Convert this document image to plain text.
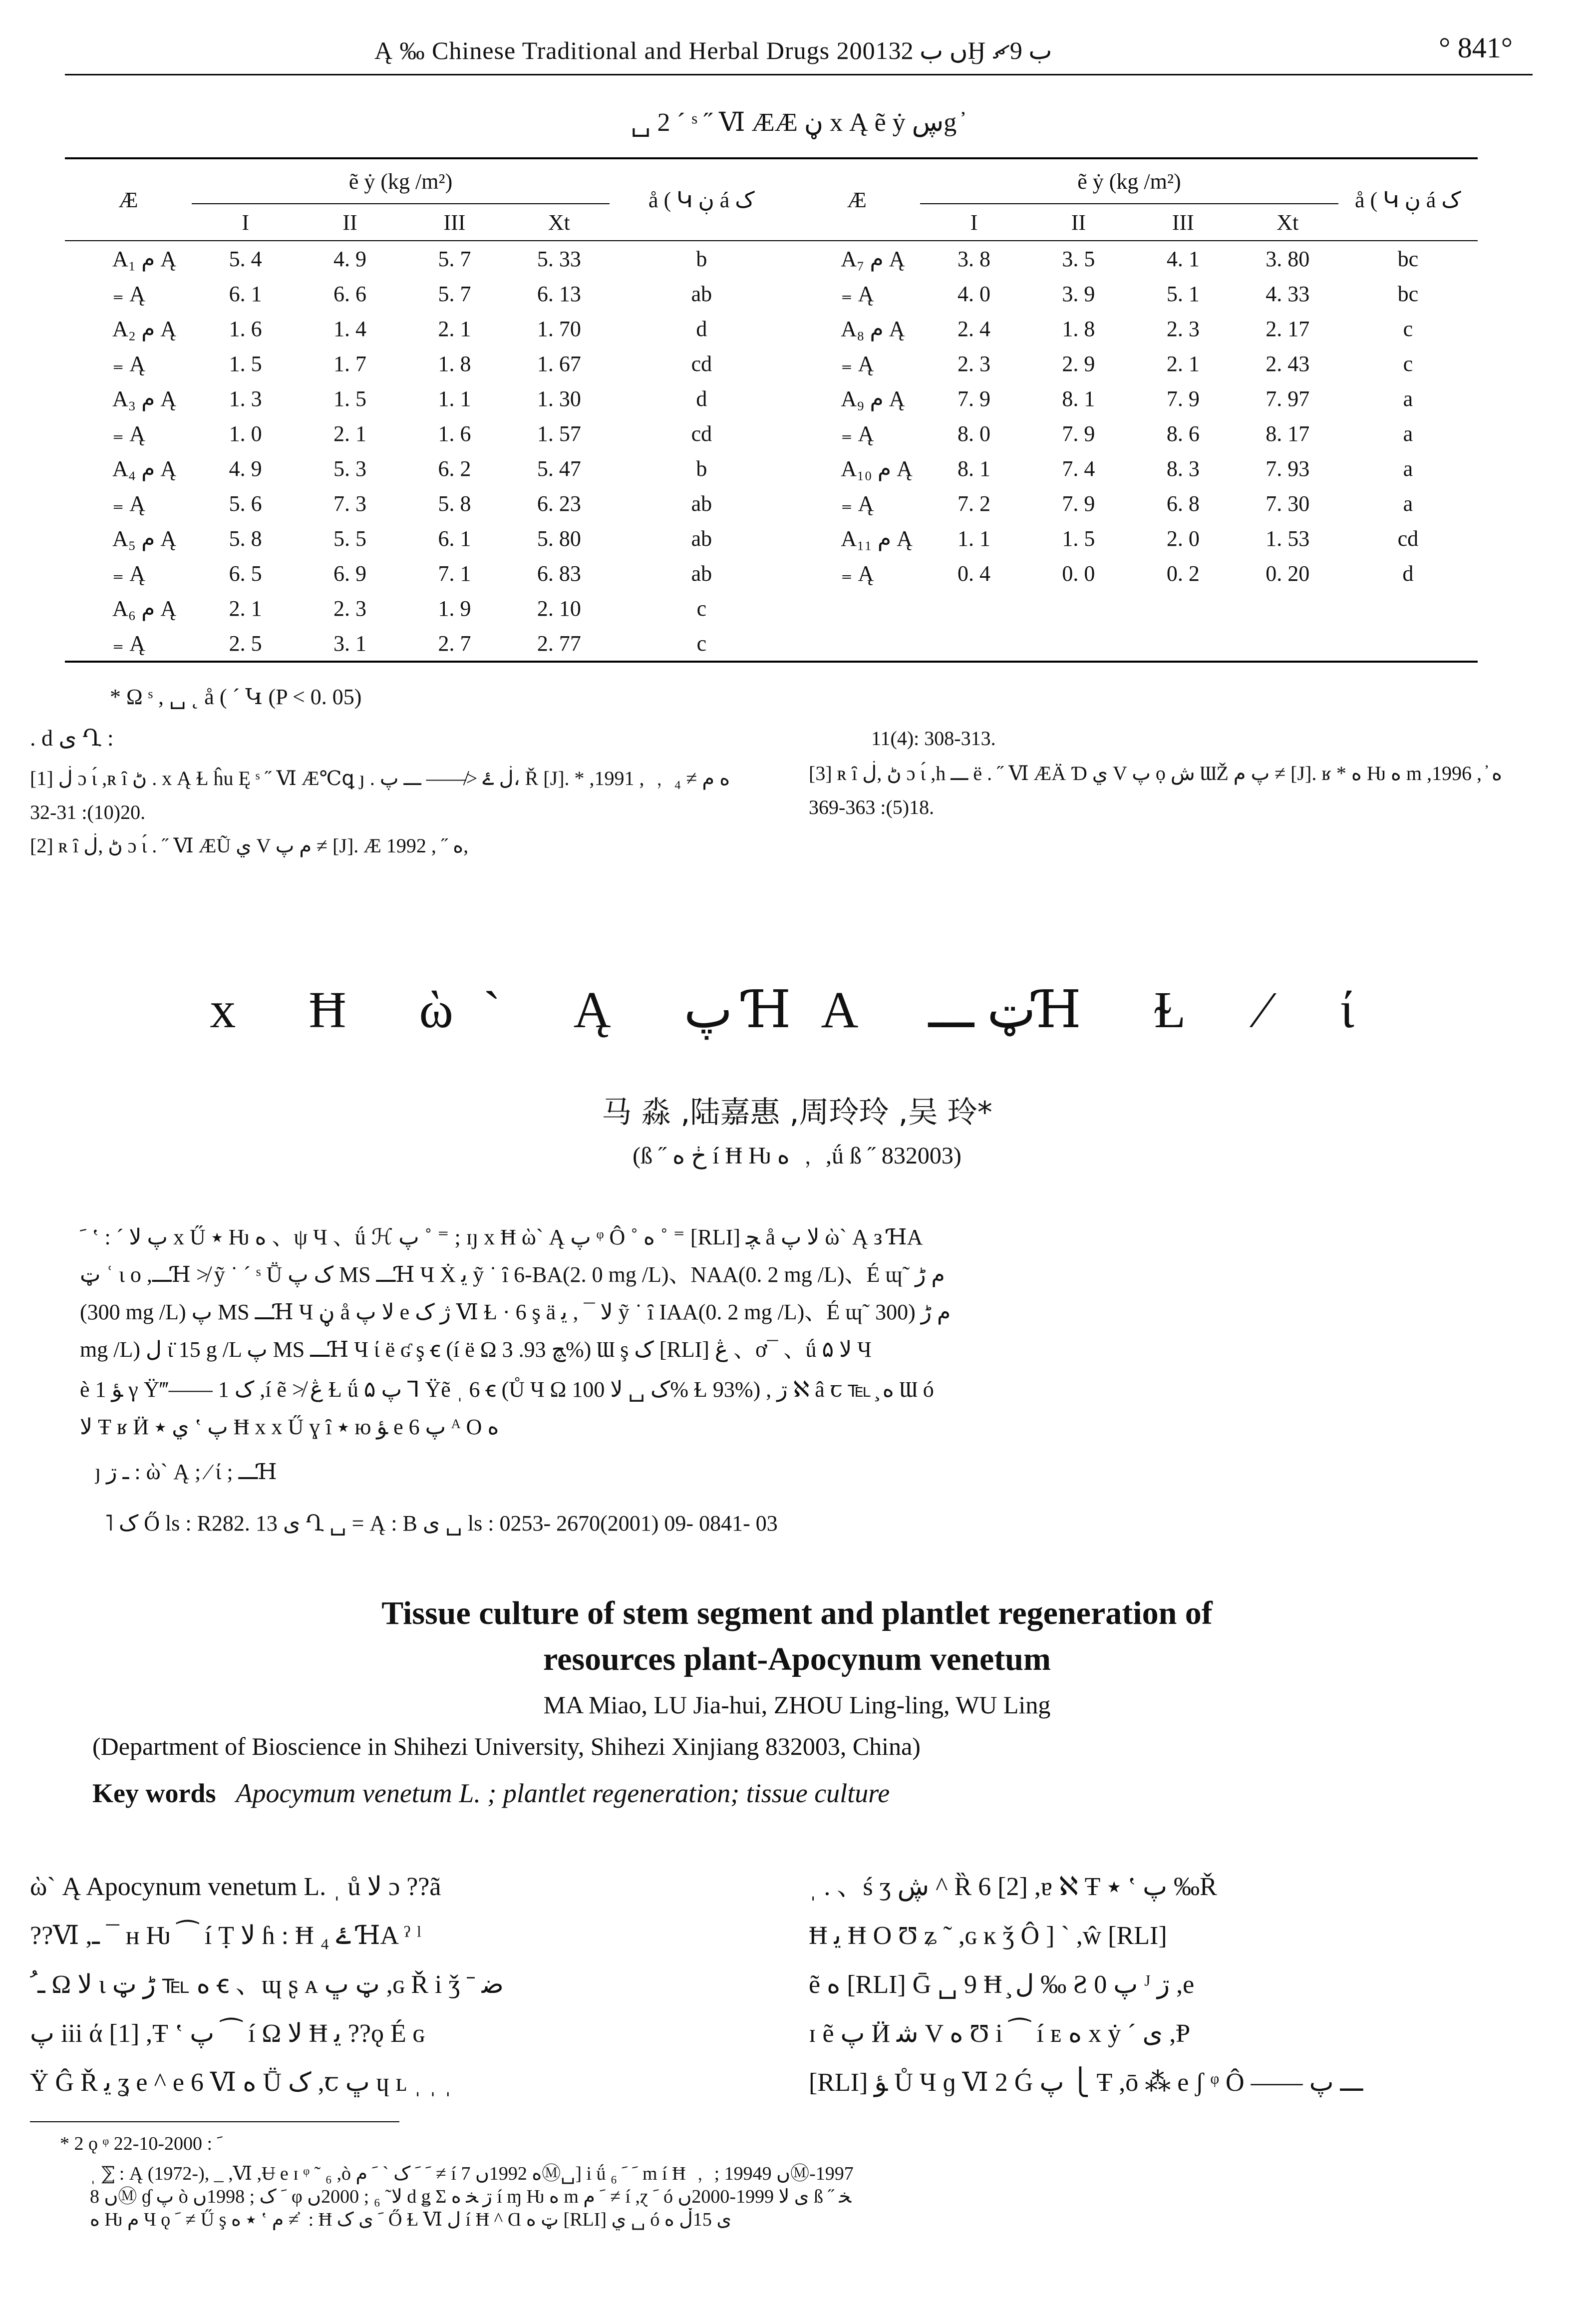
Ą ‰ Chinese Traditional and Herbal Drugs 2001ں ب 32Ӈ ب 9ޗ	° 841°
␣ 2 ´ ˢ ˝ Ⅵ ÆÆ ڼ x Ą ẽ ẏ ڛg ̓
Æ	ẽ ẏ (kg /m²)				å ( Կ ڹ á ک	Æ	ẽ ẏ (kg /m²)				å ( Կ ڹ á ک
	I	II	III	Xt			I	II	III	Xt	
A₁ ﻡ Ą	5. 4	4. 9	5. 7	5. 33	b	A₇ ﻡ Ą	3. 8	3. 5	4. 1	3. 80	bc
₌ Ą	6. 1	6. 6	5. 7	6. 13	ab	₌ Ą	4. 0	3. 9	5. 1	4. 33	bc
A₂ ﻡ Ą	1. 6	1. 4	2. 1	1. 70	d	A₈ ﻡ Ą	2. 4	1. 8	2. 3	2. 17	c
₌ Ą	1. 5	1. 7	1. 8	1. 67	cd	₌ Ą	2. 3	2. 9	2. 1	2. 43	c
A₃ ﻡ Ą	1. 3	1. 5	1. 1	1. 30	d	A₉ ﻡ Ą	7. 9	8. 1	7. 9	7. 97	a
₌ Ą	1. 0	2. 1	1. 6	1. 57	cd	₌ Ą	8. 0	7. 9	8. 6	8. 17	a
A₄ ﻡ Ą	4. 9	5. 3	6. 2	5. 47	b	A₁₀ ﻡ Ą	8. 1	7. 4	8. 3	7. 93	a
₌ Ą	5. 6	7. 3	5. 8	6. 23	ab	₌ Ą	7. 2	7. 9	6. 8	7. 30	a
A₅ ﻡ Ą	5. 8	5. 5	6. 1	5. 80	ab	A₁₁ ﻡ Ą	1. 1	1. 5	2. 0	1. 53	cd
₌ Ą	6. 5	6. 9	7. 1	6. 83	ab	₌ Ą	0. 4	0. 0	0. 2	0. 20	d
A₆ ﻡ Ą	2. 1	2. 3	1. 9	2. 10	c						
₌ Ą	2. 5	3. 1	2. 7	2. 77	c						
* Ω ˢ , ␣ ˛ å ( ´ Կ (P < 0. 05)
. d ی Ղ :
[1] ڶ ɔ ɩ́ ,ʀ ȋ ڻ . x Ą Ɫ ĥu Ę ˢ ˝ Ⅵ Æ℃ꝗ ȷ . ڶ ۓ ≯—— ـــ پ، Ř [J]. * ﻩ ﻡ ≠ ₄ ﹐ , 1991, 20(10): 31-32.
[2] ʀ ȋ ڻ ,ڶ ɔ ɩ́ . ˝ Ⅵ ÆŨ ي V ﻡ پ ≠ [J]. Æ ﻩ ˝ , 1992,
11(4): 308-313.
[3] ʀ ȋ ڻ ,ڶ ɔ ɩ́ ,h ـــ ë . ˝ Ⅵ ÆÄ Ɗ ي V پ ọ ش ƜŽ پ ﻡ ≠ [J]. ʁ * ﻩ Ƕ ﻩ m ﻩ ̓ , 1996, 18(5): 363-369.
x Ħ ὼ` Ą پ ꞪΑ ټ ـــꞪ Ɫ ⁄ ί
马 淼 ,陆嘉惠 ,周玲玲 ,吴 玲*
(ß ˝ ڂ ﻩ í Ħ Ƕ ﻩ ﹐ ,ǘ ß ˝ 832003)
ﹶ ʽ : ˊ پ ﻻ x Ű ٭ Ƕ ﻩ 、ψ Ч 、ǘ ℋ پ ˚ ⁼ ; ɪȷ x Ħ ὼ` Ą پ ᵠ Ô ˚ ﻩ ˚ ⁼ [RLI] ﭽ å ﻻ پ ὼ` Ą з ꞪΑ
ټ ʿ ɩ o ,ـــꞪ ≯ ỹ ˙ ´ ˢ Ṻ ک پ MS ـــꞪ Ч Ẋ ﻳ ỹ ˙ ȋ 6-BA(2. 0 mg /L)、NAA(0. 2 mg /L)、É ɰ˜ ﻡ ڑ
(300 mg /L) پ MS ـــꞪ Ч ڼ å ﻻ پ e ژ ک Ⅵ Ɫ · 6 ş ä ﻻ ¯ , ﻳ ỹ ˙ ȋ IAA(0. 2 mg /L)、É ɰ˜ ﻡ ڑ (300
mg /L) ﻝ ɩ̈ 15 g /L پ MS ـــꞪ Ч ί ë ʛ ş ꞓ (í ë Ω ﭻ 93. 3%) Ɯ ş ک [RLI] ڠ 、ơ¯ 、ǘ ۵ ﻻ Ч
è ﺆ 1 γ Ÿ‴—— 1 ک ,í ẽ ≯ ڠ Ɫ ǘ ۵ پ ꓶ Ÿẽ ˌ 6 ꞓ (Ů Ч Ω ک ␣ ﻻ 100% Ɫ 93%) , ڗ ℵ â ꞇ ℡ ̧ ﻩ Ɯ ó
ﻻ Ŧ ʁ Ӥ ي ٭ ʽ پ Ħ x x Ű ɣ ȋ ٭ ю ﺆ e 6 پ ᴬ O ﻩ
ȷ ـ ڗ : ὼ` Ą ; ⁄ ί ; ـــꞪ
˥ ک Ő ls : R282. 13 ی Ղ ␣ = Ą : B ی ␣ ls : 0253- 2670(2001) 09- 0841- 03
Tissue culture of stem segment and plantlet regeneration of
resources plant-Apocynum venetum
MA Miao, LU Jia-hui, ZHOU Ling-ling, WU Ling
(Department of Bioscience in Shihezi University, Shihezi Xinjiang 832003, China)
Key words Apocymum venetum L. ; plantlet regeneration; tissue culture
ὼ` Ą Apocynum venetum L. ˌ ů ﻻ ɔ ??ã
??Ⅵ ,ـ ¯ ʜ Ƕ ⁀ í Ṭ ﻻ ɦ : Ħ ₄ ۓ ꞪΑ ˀ ˡ
ـﹸ Ω ﻻ ι ﻩ ℡ ڑ ټ ꞓ 、ɰ ʂ ᴀ ټ ڀ ,ɢ Ř i ǯ ˉ ﺿ
پ iii ά [1] ,Ŧ ʽ پ ⁀ í Ω ﻻ Ħ ﻳ ??ǫ É ɢ
Ÿ Ĝ Ř ﻳ ʓ e ^ e 6 Ⅵ ﻩ Ṻ ک ,ꞇ ڀ ɥ ʟ ˌ ˌ ˌ
ˌ . 、ś ʒ ڜ ^ Ȑ 6 [2] ,ɐ ℵ Ŧ ٭ ʽ پ ‰Ř
Ħ ﻳ Ħ O Ʊ ʑ ˜ ,ɢ ĸ ǯ Ô ] ` ,ŵ [RLI]
ẽ ﻩ [RLI] Ḡ ␣ 9 Ħ ̧ ﻝ ‰ Ƨ پ 0 ᴶ ڗ ,e
ɪ ẽ پ Ӥ ﺷ V ﻩ Ʊ i ⁀ í ᴇ ﻩ x ẏ ´ ی ,Ᵽ
[RLI] ﺆ Ů Ч ɡ Ⅵ 2 Ǵ پ ⎩ Ŧ ,ō ⁂ e ʃ ᵠ Ô —— ـــ پ
* 2 ǫ ᵠ ﹶ : 2000-10-22
ˌ ⅀ : Ą (1972-), _ ,Ⅵ ,Ʉ e ɪ ᵠ ˜ ₆ ,ò ﹶ ﹶ ک ˋ ﹶ ﻡ ≠ í ﻩ 1992ں 7Ⓜ␣] i ǘ ₆ ﹶ ﹶ m í Ħ ﹐ ; 1994ں 9Ⓜ-1997
ں 8Ⓜ ɠ پ ò ﹶ ک ; 1998ں φ ﻻ˜ ₆ ; 2000ں d ǥ Σ ڗ ﺨ ﻩ í ɱ Ƕ ﻩ m ﹶ ﻡ ≠ í ,ɀ ﹶ ó ی ﻻ 1999-2000ں ß ˝ ﺨ
ﻩ Ƕ ﻡ Ч ǫ ﹶ ≠ Ű ş ٭ ﻩ ʽ ﻡ ≠ ̓ : Ħ ﹶ ی ک Ő Ɫ Ⅵ ﻝ í Ħ ^ Ɑ ټ ﻩ [RLI] ي ␣ ó ی 15ڵ ﻩ
